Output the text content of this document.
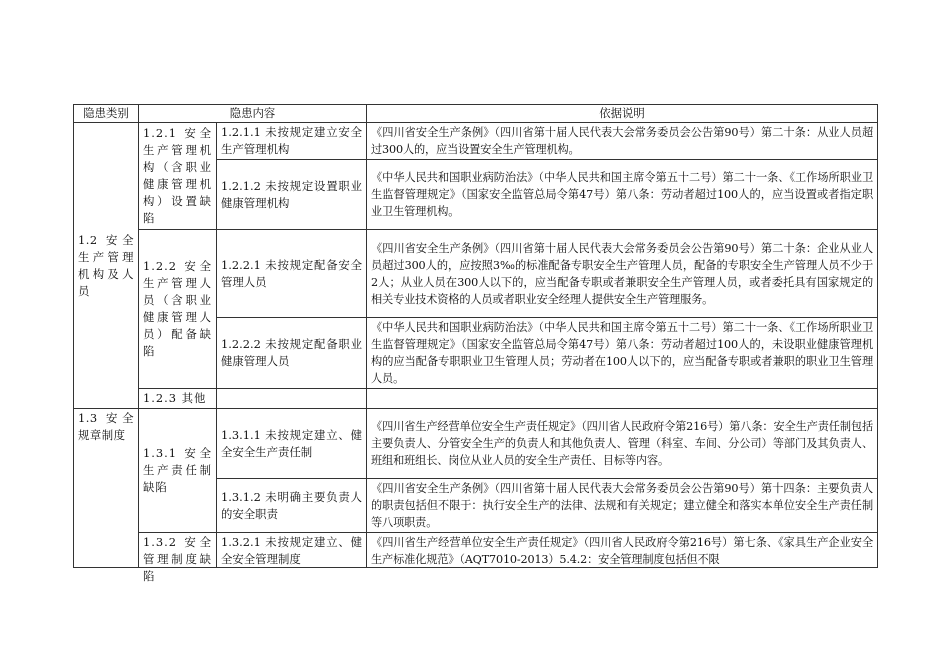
隐患类别	隐患内容		依据说明
1.2 安全生产管理机构及人员	1.2.1 安全生产管理机构（含职业健康管理机构）设置缺陷	1.2.1.1 未按规定建立安全生产管理机构	《四川省安全生产条例》（四川省第十届人民代表大会常务委员会公告第90号）第二十条：从业人员超过300人的，应当设置安全生产管理机构。
		1.2.1.2 未按规定设置职业健康管理机构	《中华人民共和国职业病防治法》（中华人民共和国主席令第五十二号）第二十一条、《工作场所职业卫生监督管理规定》（国家安全监管总局令第47号）第八条：劳动者超过100人的，应当设置或者指定职业卫生管理机构。
	1.2.2 安全生产管理人员（含职业健康管理人员）配备缺陷	1.2.2.1 未按规定配备安全管理人员	《四川省安全生产条例》（四川省第十届人民代表大会常务委员会公告第90号）第二十条：企业从业人员超过300人的，应按照3‰的标准配备专职安全生产管理人员，配备的专职安全生产管理人员不少于2人；从业人员在300人以下的，应当配备专职或者兼职安全生产管理人员，或者委托具有国家规定的相关专业技术资格的人员或者职业安全经理人提供安全生产管理服务。
		1.2.2.2 未按规定配备职业健康管理人员	《中华人民共和国职业病防治法》（中华人民共和国主席令第五十二号）第二十一条、《工作场所职业卫生监督管理规定》（国家安全监管总局令第47号）第八条：劳动者超过100人的，未设职业健康管理机构的应当配备专职职业卫生管理人员；劳动者在100人以下的，应当配备专职或者兼职的职业卫生管理人员。
	1.2.3 其他		
1.3 安全规章制度	1.3.1 安全生产责任制缺陷	1.3.1.1 未按规定建立、健全安全生产责任制	《四川省生产经营单位安全生产责任规定》（四川省人民政府令第216号）第八条：安全生产责任制包括主要负责人、分管安全生产的负责人和其他负责人、管理（科室、车间、分公司）等部门及其负责人、班组和班组长、岗位从业人员的安全生产责任、目标等内容。
		1.3.1.2 未明确主要负责人的安全职责	《四川省安全生产条例》（四川省第十届人民代表大会常务委员会公告第90号）第十四条：主要负责人的职责包括但不限于：执行安全生产的法律、法规和有关规定；建立健全和落实本单位安全生产责任制等八项职责。

	1.3.2 安全管理制度缺陷	1.3.2.1 未按规定建立、健全安全管理制度	《四川省生产经营单位安全生产责任规定》（四川省人民政府令第216号）第七条、《家具生产企业安全生产标准化规范》（AQT7010-2013）5.4.2：安全管理制度包括但不限
